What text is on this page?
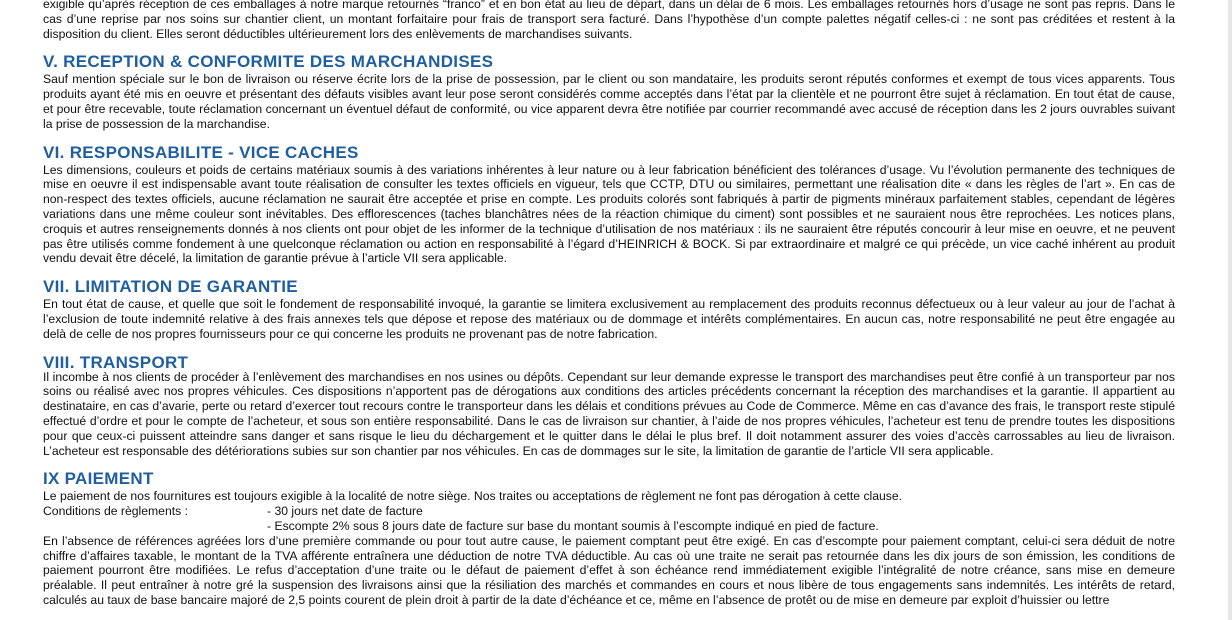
exigible qu’après réception de ces emballages à notre marque retournés “franco” et en bon état au lieu de départ, dans un délai de 6 mois. Les emballages retournés hors d’usage ne sont pas repris. Dans le cas d’une reprise par nos soins sur chantier client, un montant forfaitaire pour frais de transport sera facturé. Dans l’hypothèse d’un compte palettes négatif celles-ci : ne sont pas créditées et restent à la disposition du client. Elles seront déductibles ultérieurement lors des enlèvements de marchandises suivants.

V. RECEPTION & CONFORMITE DES MARCHANDISES

Sauf mention spéciale sur le bon de livraison ou réserve écrite lors de la prise de possession, par le client ou son mandataire, les produits seront réputés conformes et exempt de tous vices apparents. Tous produits ayant été mis en oeuvre et présentant des défauts visibles avant leur pose seront considérés comme acceptés dans l’état par la clientèle et ne pourront être sujet à réclamation. En tout état de cause, et pour être recevable, toute réclamation concernant un éventuel défaut de conformité, ou vice apparent devra être notifiée par courrier recommandé avec accusé de réception dans les 2 jours ouvrables suivant la prise de possession de la marchandise.

VI. RESPONSABILITE - VICE CACHES

Les dimensions, couleurs et poids de certains matériaux soumis à des variations inhérentes à leur nature ou à leur fabrication bénéficient des tolérances d’usage. Vu l’évolution permanente des techniques de mise en oeuvre il est indispensable avant toute réalisation de consulter les textes officiels en vigueur, tels que CCTP, DTU ou similaires, permettant une réalisation dite « dans les règles de l’art ». En cas de non-respect des textes officiels, aucune réclamation ne saurait être acceptée et prise en compte. Les produits colorés sont fabriqués à partir de pigments minéraux parfaitement stables, cependant de légères variations dans une même couleur sont inévitables. Des efflorescences (taches blanchâtres nées de la réaction chimique du ciment) sont possibles et ne sauraient nous être reprochées. Les notices plans, croquis et autres renseignements donnés à nos clients ont pour objet de les informer de la technique d’utilisation de nos matériaux : ils ne sauraient être réputés concourir à leur mise en oeuvre, et ne peuvent pas être utilisés comme fondement à une quelconque réclamation ou action en responsabilité à l’égard d’HEINRICH & BOCK. Si par extraordinaire et malgré ce qui précède, un vice caché inhérent au produit vendu devait être décelé, la limitation de garantie prévue à l’article VII sera applicable.

VII. LIMITATION DE GARANTIE

En tout état de cause, et quelle que soit le fondement de responsabilité invoqué, la garantie se limitera exclusivement au remplacement des produits reconnus défectueux ou à leur valeur au jour de l’achat à l’exclusion de toute indemnité relative à des frais annexes tels que dépose et repose des matériaux ou de dommage et intérêts complémentaires. En aucun cas, notre responsabilité ne peut être engagée au delà de celle de nos propres fournisseurs pour ce qui concerne les produits ne provenant pas de notre fabrication.

VIII. TRANSPORT

Il incombe à nos clients de procéder à l’enlèvement des marchandises en nos usines ou dépôts. Cependant sur leur demande expresse le transport des marchandises peut être confié à un transporteur par nos soins ou réalisé avec nos propres véhicules. Ces dispositions n’apportent pas de dérogations aux conditions des articles précédents concernant la réception des marchandises et la garantie. Il appartient au destinataire, en cas d’avarie, perte ou retard d’exercer tout recours contre le transporteur dans les délais et conditions prévues au Code de Commerce. Même en cas d’avance des frais, le transport reste stipulé effectué d’ordre et pour le compte de l’acheteur, et sous son entière responsabilité. Dans le cas de livraison sur chantier, à l’aide de nos propres véhicules, l’acheteur est tenu de prendre toutes les dispositions pour que ceux-ci puissent atteindre sans danger et sans risque le lieu du déchargement et le quitter dans le délai le plus bref. Il doit notamment assurer des voies d’accès carrossables au lieu de livraison. L’acheteur est responsable des détériorations subies sur son chantier par nos véhicules. En cas de dommages sur le site, la limitation de garantie de l’article VII sera applicable.

IX PAIEMENT

Le paiement de nos fournitures est toujours exigible à la localité de notre siège. Nos traites ou acceptations de règlement ne font pas dérogation à cette clause.

Conditions de règlements :	- 30 jours net date de facture
- Escompte 2% sous 8 jours date de facture sur base du montant soumis à l’escompte indiqué en pied de facture.

En l’absence de références agréées lors d’une première commande ou pour tout autre cause, le paiement comptant peut être exigé. En cas d’escompte pour paiement comptant, celui-ci sera déduit de notre chiffre d’affaires taxable, le montant de la TVA afférente entraînera une déduction de notre TVA déductible. Au cas où une traite ne serait pas retournée dans les dix jours de son émission, les conditions de paiement pourront être modifiées. Le refus d’acceptation d’une traite ou le défaut de paiement d’effet à son échéance rend immédiatement exigible l’intégralité de notre créance, sans mise en demeure préalable. Il peut entraîner à notre gré la suspension des livraisons ainsi que la résiliation des marchés et commandes en cours et nous libère de tous engagements sans indemnités. Les intérêts de retard, calculés au taux de base bancaire majoré de 2,5 points courent de plein droit à partir de la date d’échéance et ce, même en l’absence de protêt ou de mise en demeure par exploit d’huissier ou lettre
